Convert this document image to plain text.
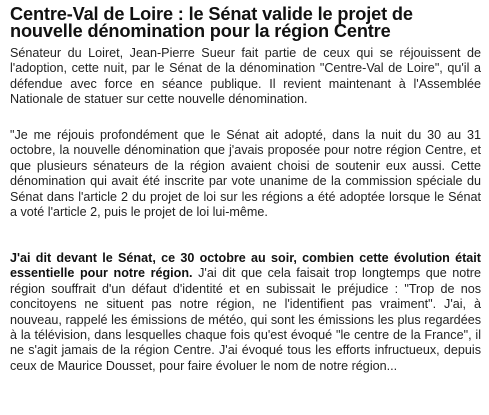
Centre-Val de Loire : le Sénat valide le projet de nouvelle dénomination pour la région Centre

Sénateur du Loiret, Jean-Pierre Sueur fait partie de ceux qui se réjouissent de l'adoption, cette nuit, par le Sénat de la dénomination "Centre-Val de Loire", qu'il a défendue avec force en séance publique. Il revient maintenant à l'Assemblée Nationale de statuer sur cette nouvelle dénomination.

"Je me réjouis profondément que le Sénat ait adopté, dans la nuit du 30 au 31 octobre, la nouvelle dénomination que j'avais proposée pour notre région Centre, et que plusieurs sénateurs de la région avaient choisi de soutenir eux aussi. Cette dénomination qui avait été inscrite par vote unanime de la commission spéciale du Sénat dans l'article 2 du projet de loi sur les régions a été adoptée lorsque le Sénat a voté l'article 2, puis le projet de loi lui-même.

J'ai dit devant le Sénat, ce 30 octobre au soir, combien cette évolution était essentielle pour notre région. J'ai dit que cela faisait trop longtemps que notre région souffrait d'un défaut d'identité et en subissait le préjudice : "Trop de nos concitoyens ne situent pas notre région, ne l'identifient pas vraiment". J'ai, à nouveau, rappelé les émissions de météo, qui sont les émissions les plus regardées à la télévision, dans lesquelles chaque fois qu'est évoqué "le centre de la France", il ne s'agit jamais de la région Centre. J'ai évoqué tous les efforts infructueux, depuis ceux de Maurice Dousset, pour faire évoluer le nom de notre région...
